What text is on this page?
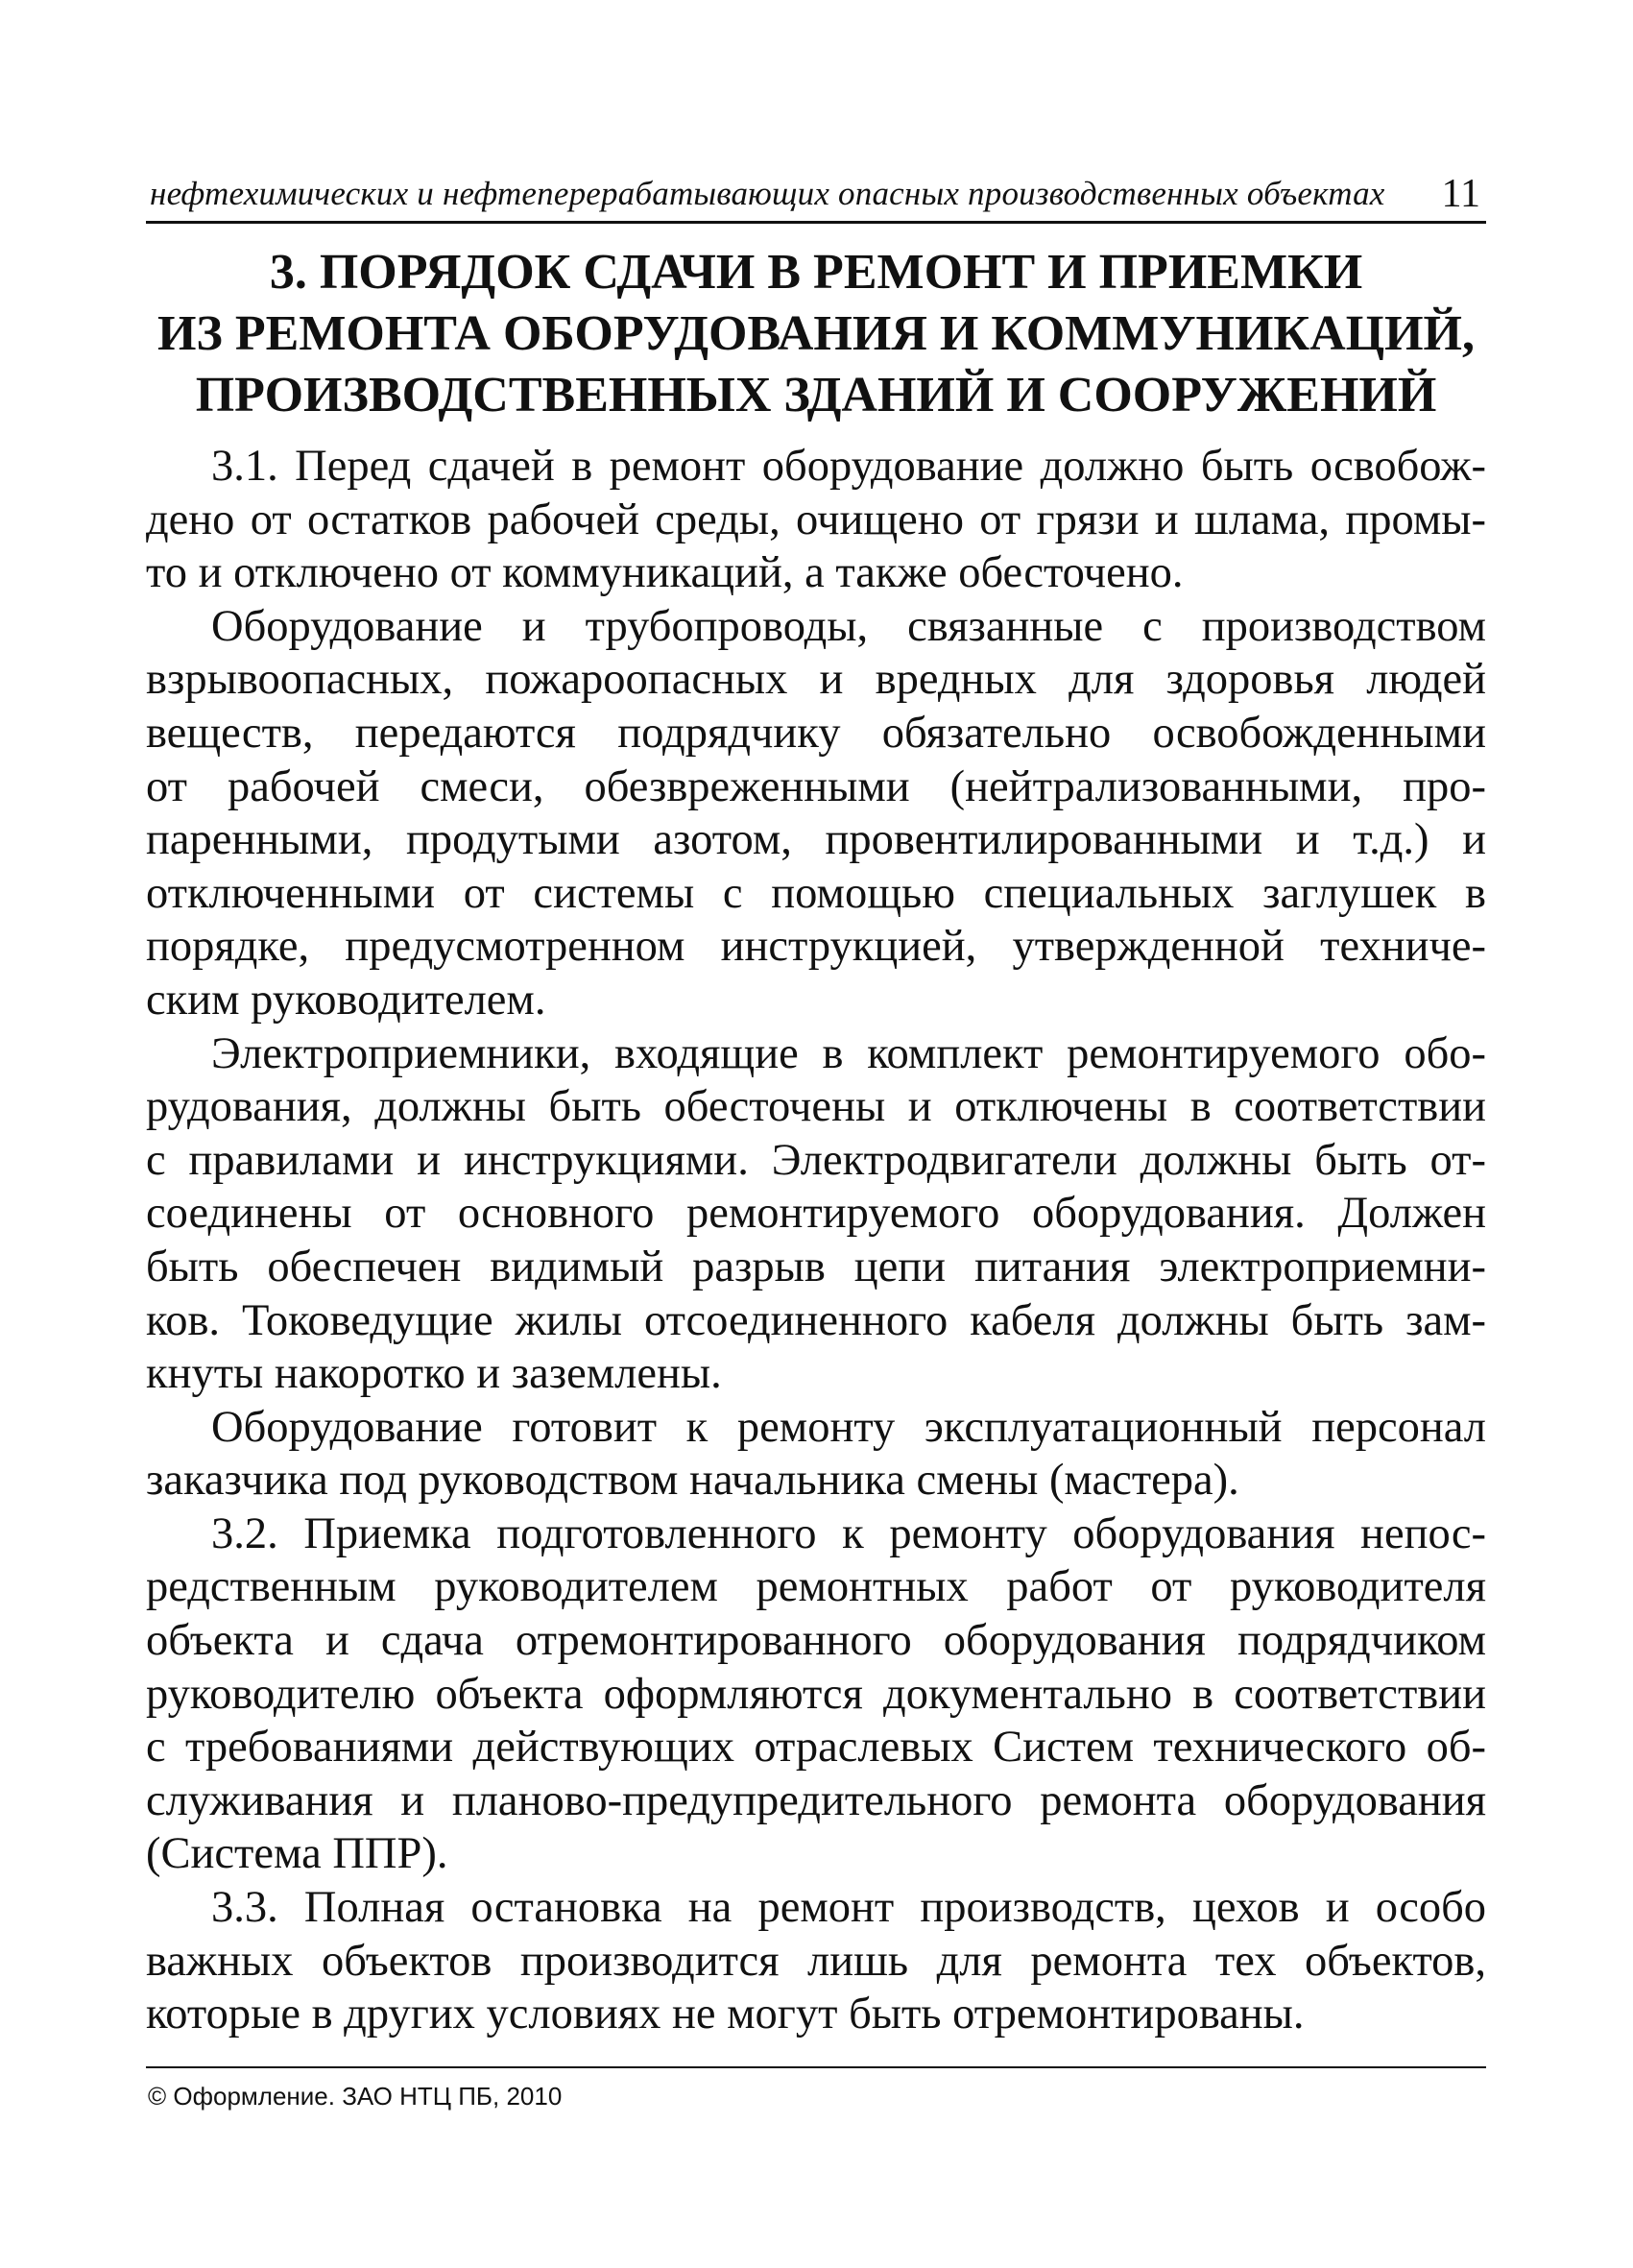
нефтехимических и нефтеперерабатывающих опасных производственных объектах 11
3. ПОРЯДОК СДАЧИ В РЕМОНТ И ПРИЕМКИ
ИЗ РЕМОНТА ОБОРУДОВАНИЯ И КОММУНИКАЦИЙ,
ПРОИЗВОДСТВЕННЫХ ЗДАНИЙ И СООРУЖЕНИЙ

3.1. Перед сдачей в ремонт оборудование должно быть освобож-
дено от остатков рабочей среды, очищено от грязи и шлама, промы-
то и отключено от коммуникаций, а также обесточено.

Оборудование и трубопроводы, связанные с производством
взрывоопасных, пожароопасных и вредных для здоровья людей
веществ, передаются подрядчику обязательно освобожденными
от рабочей смеси, обезвреженными (нейтрализованными, про-
паренными, продутыми азотом, провентилированными и т.д.) и
отключенными от системы с помощью специальных заглушек в
порядке, предусмотренном инструкцией, утвержденной техниче-
ским руководителем.

Электроприемники, входящие в комплект ремонтируемого обо-
рудования, должны быть обесточены и отключены в соответствии
с правилами и инструкциями. Электродвигатели должны быть от-
соединены от основного ремонтируемого оборудования. Должен
быть обеспечен видимый разрыв цепи питания электроприемни-
ков. Токоведущие жилы отсоединенного кабеля должны быть зам-
кнуты накоротко и заземлены.

Оборудование готовит к ремонту эксплуатационный персонал
заказчика под руководством начальника смены (мастера).

3.2. Приемка подготовленного к ремонту оборудования непос-
редственным руководителем ремонтных работ от руководителя
объекта и сдача отремонтированного оборудования подрядчиком
руководителю объекта оформляются документально в соответствии
с требованиями действующих отраслевых Систем технического об-
служивания и планово-предупредительного ремонта оборудования
(Система ППР).

3.3. Полная остановка на ремонт производств, цехов и особо
важных объектов производится лишь для ремонта тех объектов,
которые в других условиях не могут быть отремонтированы.

© Оформление. ЗАО НТЦ ПБ, 2010
